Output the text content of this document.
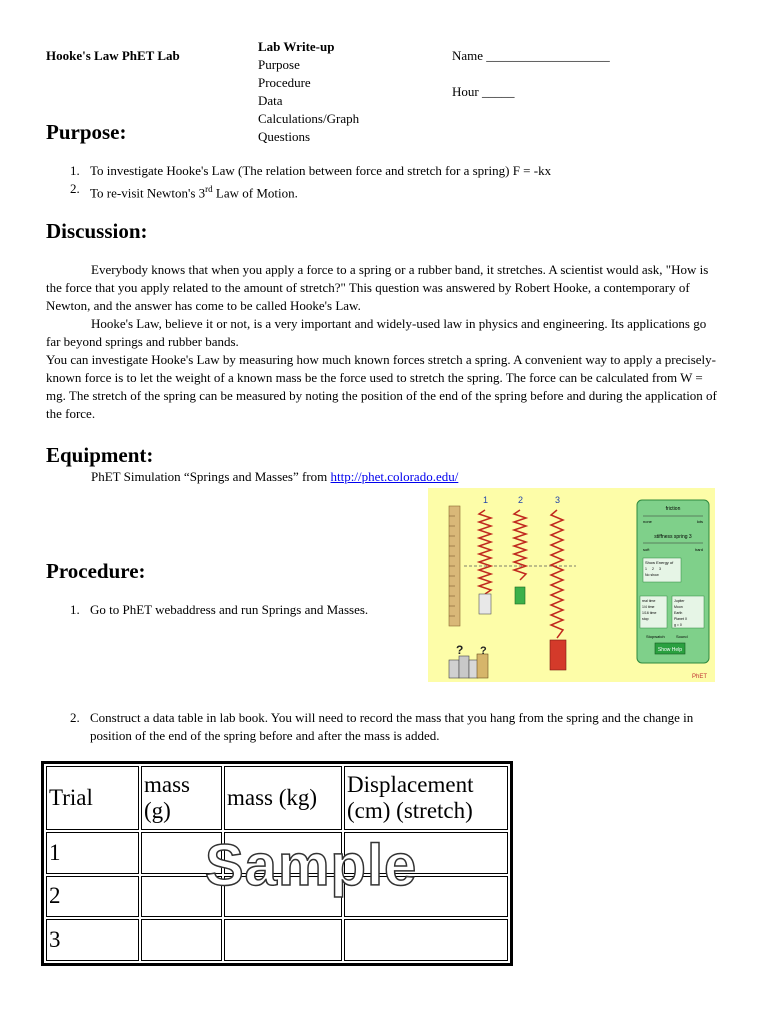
Hooke's Law PhET Lab
Lab Write-up
Purpose
Procedure
Data
Calculations/Graph
Questions
Name ___________________
Hour _____
Purpose:
1. To investigate Hooke's Law (The relation between force and stretch for a spring) F = -kx
2. To re-visit Newton's 3rd Law of Motion.
Discussion:

Everybody knows that when you apply a force to a spring or a rubber band, it stretches. A scientist would ask, "How is the force that you apply related to the amount of stretch?" This question was answered by Robert Hooke, a contemporary of Newton, and the answer has come to be called Hooke's Law.

Hooke's Law, believe it or not, is a very important and widely-used law in physics and engineering. Its applications go far beyond springs and rubber bands.

You can investigate Hooke's Law by measuring how much known forces stretch a spring. A convenient way to apply a precisely-known force is to let the weight of a known mass be the force used to stretch the spring. The force can be calculated from W = mg. The stretch of the spring can be measured by noting the position of the end of the spring before and during the application of the force.

Equipment:
PhET Simulation “Springs and Masses” from http://phet.colorado.edu/
1	2	3
? ?
friction
none	lots
stiffness spring 3
soft	hard
Show Energy of
1 2 3
No show
real time
1/4 time
1/16 time
stop
Jupiter
Moon
Earth
Planet X
g = 0
Stopwatch	Sound
Show Help
PhET
Procedure:
1. Go to PhET webaddress and run Springs and Masses.
2. Construct a data table in lab book. You will need to record the mass that you hang from the spring and the change in position of the end of the spring before and after the mass is added.
Trial	mass (g)	mass (kg)	Displacement (cm) (stretch)
1			
2			
3			
Sample
